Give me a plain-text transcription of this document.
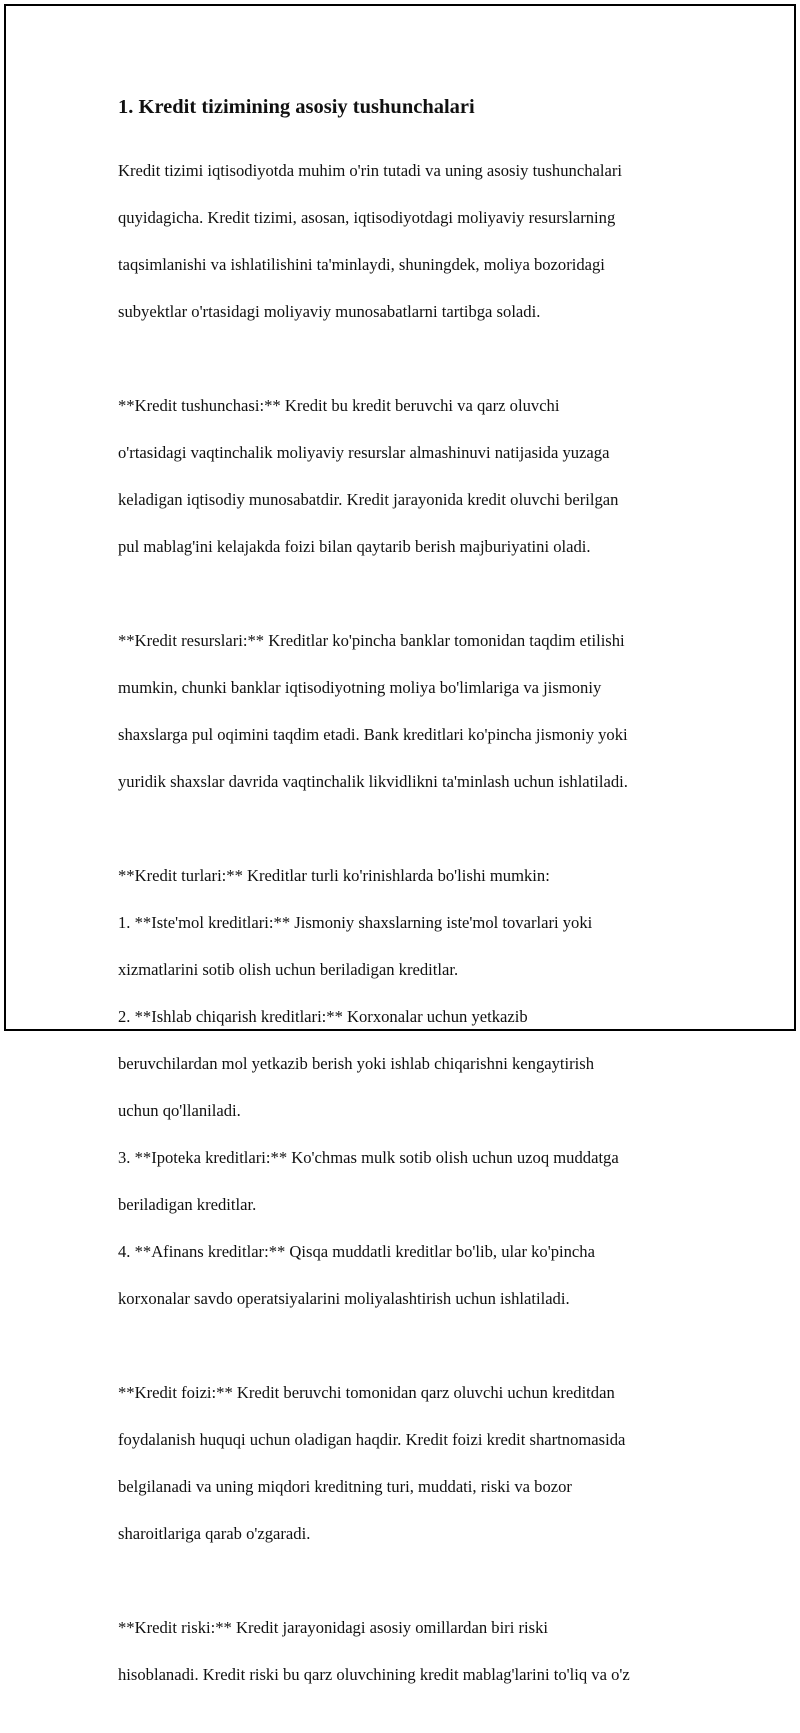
1. Kredit tizimining asosiy tushunchalari

Kredit tizimi iqtisodiyotda muhim o'rin tutadi va uning asosiy tushunchalari

quyidagicha. Kredit tizimi, asosan, iqtisodiyotdagi moliyaviy resurslarning

taqsimlanishi va ishlatilishini ta'minlaydi, shuningdek, moliya bozoridagi

subyektlar o'rtasidagi moliyaviy munosabatlarni tartibga soladi.

**Kredit tushunchasi:** Kredit bu kredit beruvchi va qarz oluvchi

o'rtasidagi vaqtinchalik moliyaviy resurslar almashinuvi natijasida yuzaga

keladigan iqtisodiy munosabatdir. Kredit jarayonida kredit oluvchi berilgan

pul mablag'ini kelajakda foizi bilan qaytarib berish majburiyatini oladi.

**Kredit resurslari:** Kreditlar ko'pincha banklar tomonidan taqdim etilishi

mumkin, chunki banklar iqtisodiyotning moliya bo'limlariga va jismoniy

shaxslarga pul oqimini taqdim etadi. Bank kreditlari ko'pincha jismoniy yoki

yuridik shaxslar davrida vaqtinchalik likvidlikni ta'minlash uchun ishlatiladi.

**Kredit turlari:** Kreditlar turli ko'rinishlarda bo'lishi mumkin:

1. **Iste'mol kreditlari:** Jismoniy shaxslarning iste'mol tovarlari yoki

xizmatlarini sotib olish uchun beriladigan kreditlar.

2. **Ishlab chiqarish kreditlari:** Korxonalar uchun yetkazib

beruvchilardan mol yetkazib berish yoki ishlab chiqarishni kengaytirish

uchun qo'llaniladi.

3. **Ipoteka kreditlari:** Ko'chmas mulk sotib olish uchun uzoq muddatga

beriladigan kreditlar.

4. **Afinans kreditlar:** Qisqa muddatli kreditlar bo'lib, ular ko'pincha

korxonalar savdo operatsiyalarini moliyalashtirish uchun ishlatiladi.

**Kredit foizi:** Kredit beruvchi tomonidan qarz oluvchi uchun kreditdan

foydalanish huquqi uchun oladigan haqdir. Kredit foizi kredit shartnomasida

belgilanadi va uning miqdori kreditning turi, muddati, riski va bozor

sharoitlariga qarab o'zgaradi.

**Kredit riski:** Kredit jarayonidagi asosiy omillardan biri riski

hisoblanadi. Kredit riski bu qarz oluvchining kredit mablag'larini to'liq va o'z
